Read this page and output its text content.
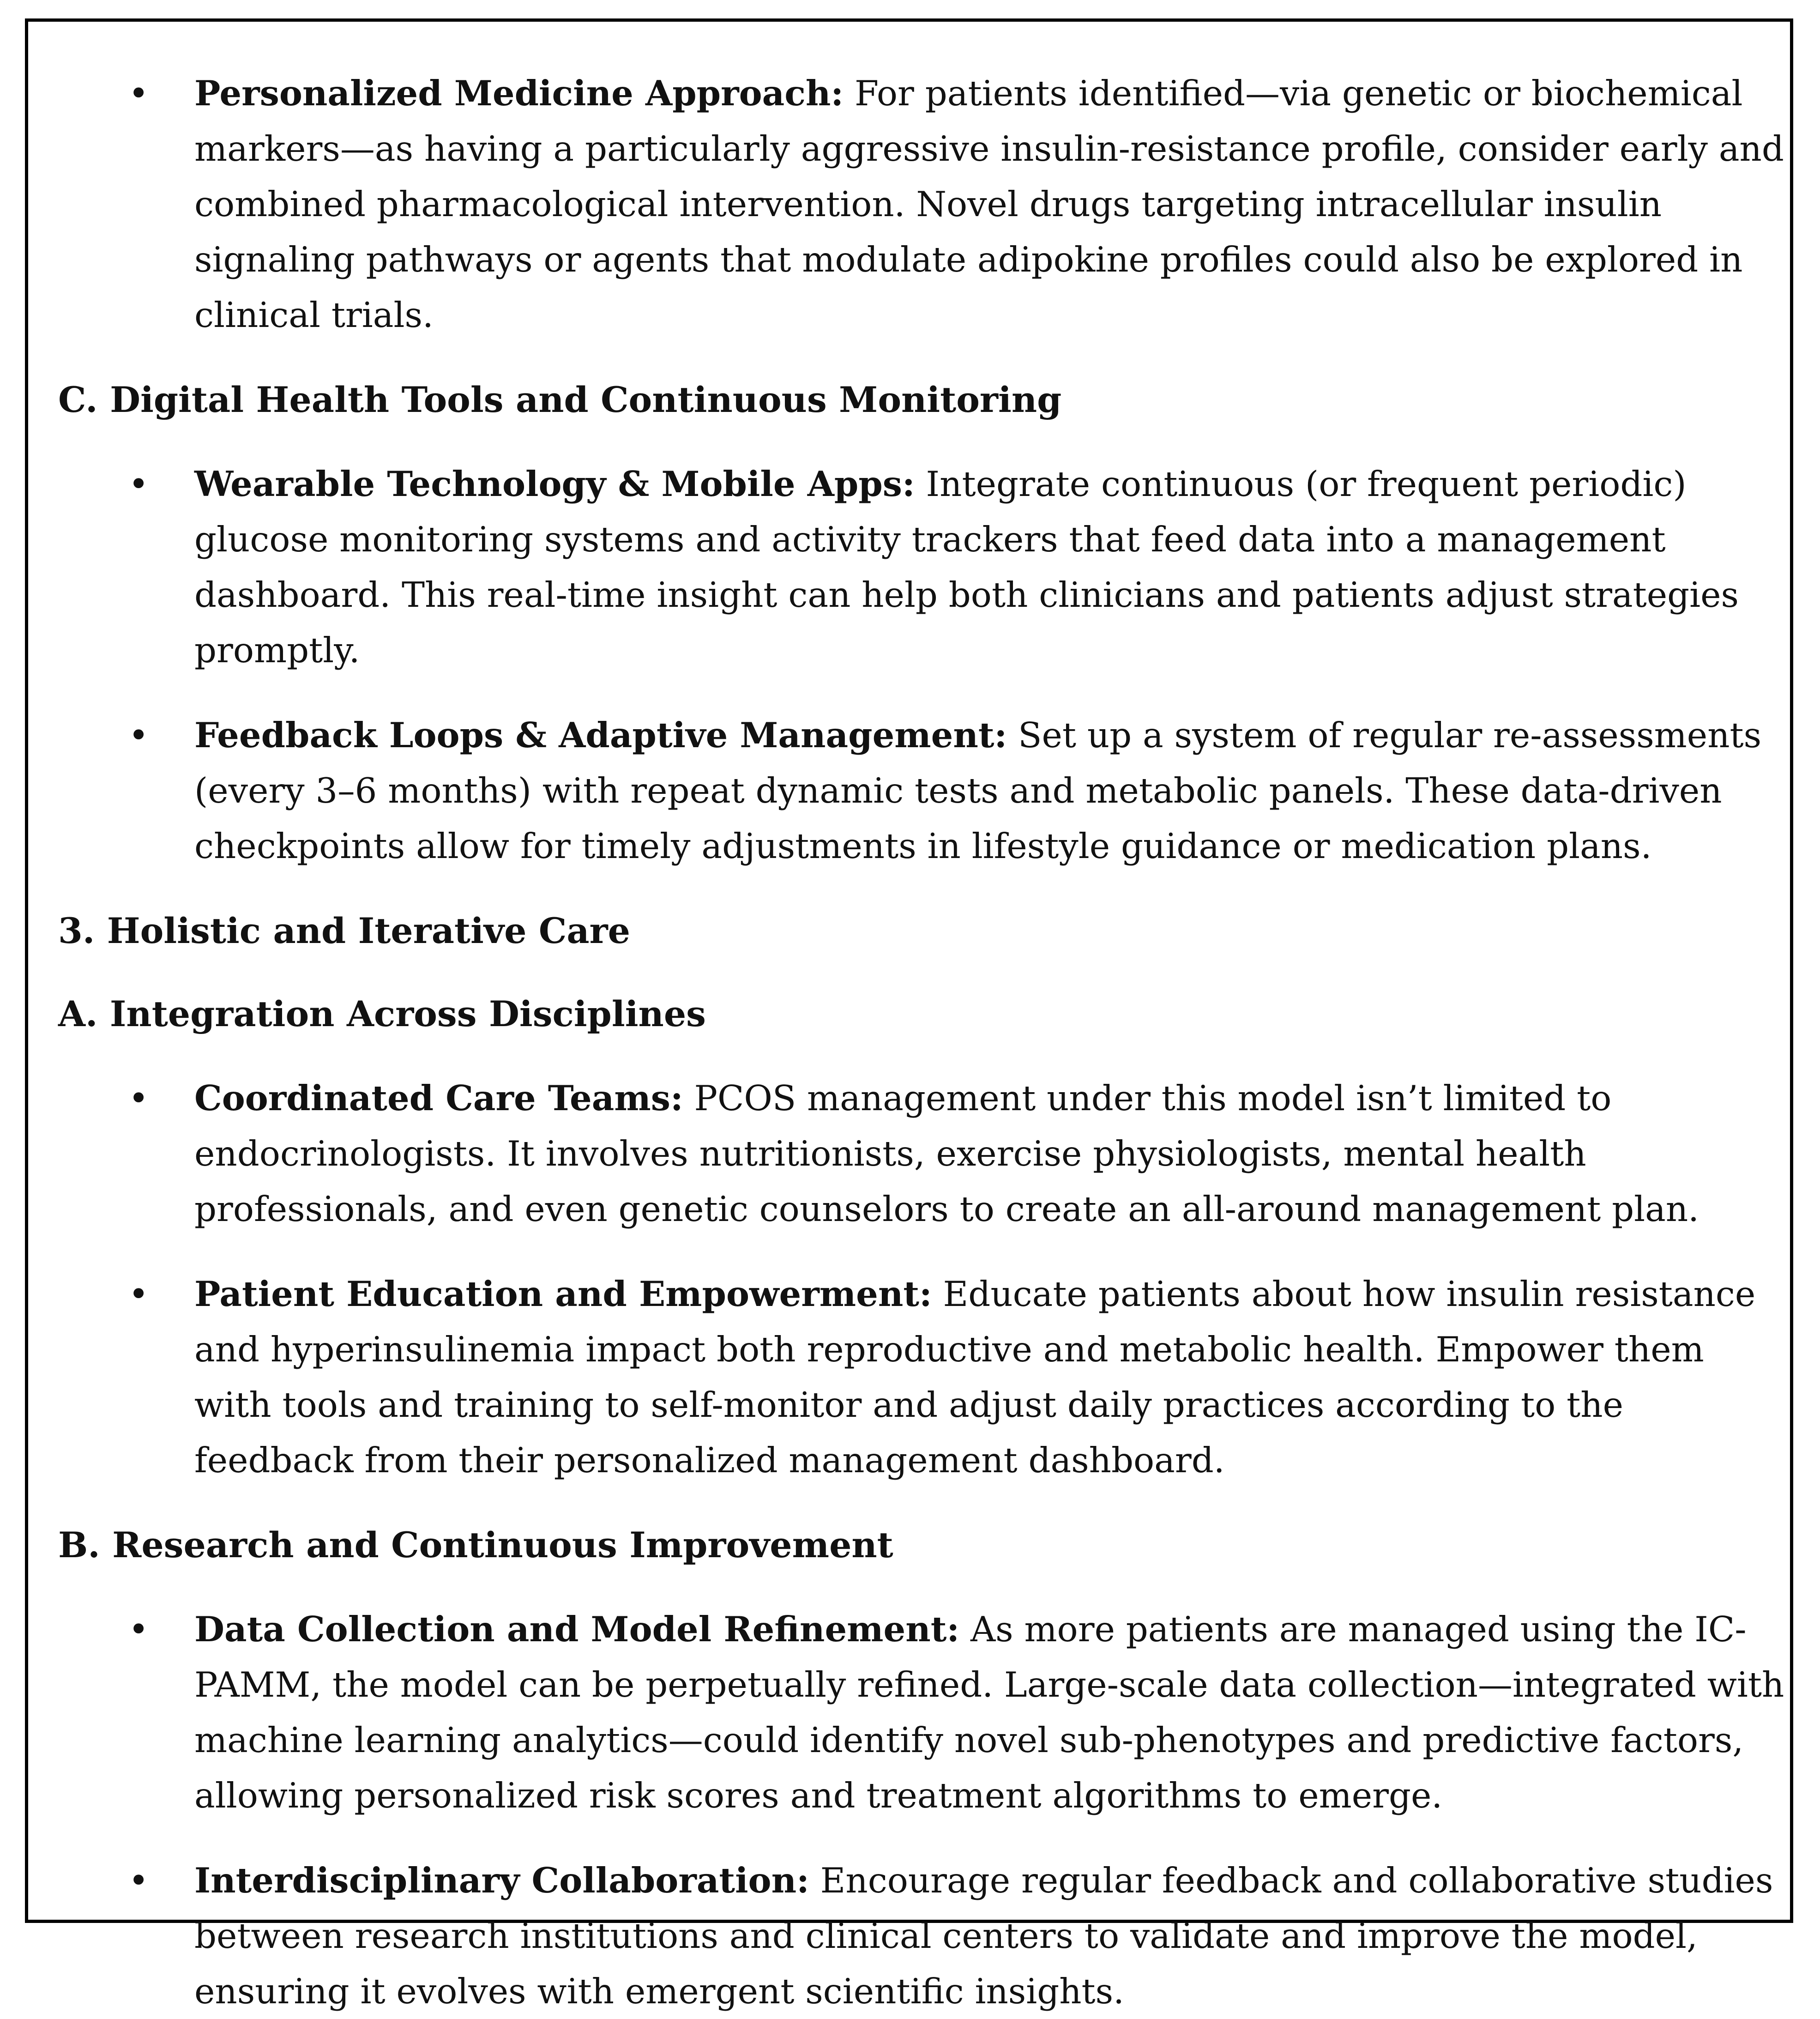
• Personalized Medicine Approach: For patients identified—via genetic or biochemical markers—as having a particularly aggressive insulin-resistance profile, consider early and combined pharmacological intervention. Novel drugs targeting intracellular insulin signaling pathways or agents that modulate adipokine profiles could also be explored in clinical trials.

C. Digital Health Tools and Continuous Monitoring

• Wearable Technology & Mobile Apps: Integrate continuous (or frequent periodic) glucose monitoring systems and activity trackers that feed data into a management dashboard. This real-time insight can help both clinicians and patients adjust strategies promptly.

• Feedback Loops & Adaptive Management: Set up a system of regular re-assessments (every 3–6 months) with repeat dynamic tests and metabolic panels. These data-driven checkpoints allow for timely adjustments in lifestyle guidance or medication plans.

3. Holistic and Iterative Care

A. Integration Across Disciplines

• Coordinated Care Teams: PCOS management under this model isn’t limited to endocrinologists. It involves nutritionists, exercise physiologists, mental health professionals, and even genetic counselors to create an all-around management plan.

• Patient Education and Empowerment: Educate patients about how insulin resistance and hyperinsulinemia impact both reproductive and metabolic health. Empower them with tools and training to self-monitor and adjust daily practices according to the feedback from their personalized management dashboard.

B. Research and Continuous Improvement

• Data Collection and Model Refinement: As more patients are managed using the IC-PAMM, the model can be perpetually refined. Large-scale data collection—integrated with machine learning analytics—could identify novel sub-phenotypes and predictive factors, allowing personalized risk scores and treatment algorithms to emerge.

• Interdisciplinary Collaboration: Encourage regular feedback and collaborative studies between research institutions and clinical centers to validate and improve the model, ensuring it evolves with emergent scientific insights.
